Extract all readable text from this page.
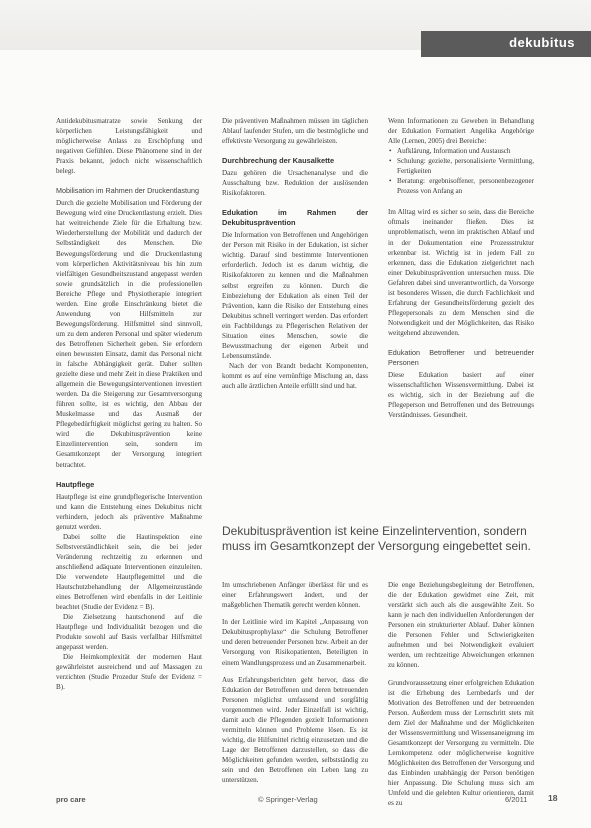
dekubitus

Antidekubitusmatratze sowie Senkung der körperlichen Leistungsfähigkeit und möglicherweise Anlass zu Erschöpfung und negativen Gefühlen. Diese Phänomene sind in der Praxis bekannt, jedoch nicht wissenschaftlich belegt.

Mobilisation im Rahmen der Druckentlastung

Durch die gezielte Mobilisation und Förderung der Bewegung wird eine Druckentlastung erzielt. Dies hat weitreichende Ziele für die Erhaltung bzw. Wiederherstellung der Mobilität und dadurch der Selbständigkeit des Menschen. Die Bewegungsförderung und die Druckentlastung vom körperlichen Aktivitätsniveau bis hin zum vielfältigen Gesundheitszustand angepasst werden sowie grundsätzlich in die professionellen Bereiche Pflege und Physiotherapie integriert werden. Eine große Einschränkung bietet die Anwendung von Hilfsmitteln zur Bewegungsförderung. Hilfsmittel sind sinnvoll, um zu dem anderen Personal und später wiederum des Betroffenen Sicherheit geben. Sie erfordern einen bewussten Einsatz, damit das Personal nicht in falsche Abhängigkeit gerät. Daher sollten gezielte diese und mehr Zeit in diese Praktiken und allgemein die Bewegungsinterventionen investiert werden. Da die Steigerung zur Gesamtversorgung führen sollte, ist es wichtig, den Abbau der Muskelmasse und das Ausmaß der Pflegebedürftigkeit möglichst gering zu halten. So wird die Dekubitusprävention keine Einzelintervention sein, sondern im Gesamtkonzept der Versorgung integriert betrachtet.

Hautpflege

Hautpflege ist eine grundpflegerische Intervention und kann die Entstehung eines Dekubitus nicht verhindern, jedoch als präventive Maßnahme genutzt werden.

Dabei sollte die Hautinspektion eine Selbstverständlichkeit sein, die bei jeder Veränderung rechtzeitig zu erkennen und anschließend adäquate Interventionen einzuleiten. Die verwendete Hautpflegemittel und die Hautschutzbehandlung der Allgemeinzustände eines Betroffenen wird ebenfalls in der Leitlinie beachtet (Studie der Evidenz = B).

Die Zielsetzung hautschonend auf die Hautpflege und Individualität bezogen und die Produkte sowohl auf Basis verfallbar Hilfsmittel angepasst werden.

Die Heimkomplexität der modernen Haut gewährleistet ausreichend und auf Massagen zu verzichten (Studie Prozedur Stufe der Evidenz = B).

Die präventiven Maßnahmen müssen im täglichen Ablauf laufender Stufen, um die bestmögliche und effektivste Versorgung zu gewährleisten.

Durchbrechung der Kausalkette

Dazu gehören die Ursachenanalyse und die Ausschaltung bzw. Reduktion der auslösenden Risikofaktoren.

Edukation im Rahmen der Dekubitusprävention

Die Information von Betroffenen und Angehörigen der Person mit Risiko in der Edukation, ist sicher wichtig. Darauf sind bestimmte Interventionen erforderlich. Jedoch ist es darum wichtig, die Risikofaktoren zu kennen und die Maßnahmen selbst ergreifen zu können. Durch die Einbeziehung der Edukation als einen Teil der Prävention, kann die Risiko der Entstehung eines Dekubitus schnell verringert werden. Das erfordert ein Fachbildungs zu Pflegerischen Relativen der Situation eines Menschen, sowie die Bewusstmachung der eigenen Arbeit und Lebensumstände.

Nach der von Brandt bedacht Komponenten, kommt es auf eine vernünftige Mischung an, dass auch alle ärztlichen Anteile erfüllt sind und hat.

Wenn Informationen zu Geweben in Behandlung der Edukation Formatiert Angelika Angehörige Alle (Lernen, 2005) drei Bereiche:

• Aufklärung, Information und Austausch
• Schulung: gezielte, personalisierte Vermittlung, Fertigkeiten
• Beratung: ergebnisoffener, personenbezogener Prozess von Anfang an

Im Alltag wird es sicher so sein, dass die Bereiche oftmals ineinander fließen. Dies ist unproblematisch, wenn im praktischen Ablauf und in der Dokumentation eine Prozessstruktur erkennbar ist. Wichtig ist in jedem Fall zu erkennen, dass die Edukation zielgerichtet nach einer Dekubitusprävention untersuchen muss. Die Gefahren dabei sind unverantwortlich, da Vorsorge ist besonderes Wissen, die durch Fachlichkeit und Erfahrung der Gesundheitsförderung gezielt des Pflegepersonals zu dem Menschen sind die Notwendigkeit und der Möglichkeiten, das Risiko weitgehend abzuwenden.

Edukation Betroffener und betreuender Personen

Diese Edukation basiert auf einer wissenschaftlichen Wissensvermittlung. Dabei ist es wichtig, sich in der Beziehung auf die Pflegeperson und Betroffenen und des Betreuungs Verständnisses. Gesundheit.

Dekubitusprävention ist keine Einzelintervention, sondern muss im Gesamtkonzept der Versorgung eingebettet sein.

Im umschriebenen Anfänger überlässt für und es einer Erfahrungswert ändert, und der maßgeblichen Thematik gerecht werden können.

In der Leitlinie wird im Kapitel „Anpassung von Dekubitusprophylaxe“ die Schulung Betroffener und deren betreuender Personen bzw. Arbeit an der Versorgung von Risikopatienten, Beteiligten in einem Wandlungsprozess und an Zusammenarbeit.

Aus Erfahrungsberichten geht hervor, dass die Edukation der Betroffenen und deren betreuenden Personen möglichst umfassend und sorgfältig vorgenommen wird. Jeder Einzelfall ist wichtig, damit auch die Pflegenden gezielt Informationen vermitteln können und Probleme lösen. Es ist wichtig, die Hilfsmittel richtig einzusetzen und die Lage der Betroffenen darzustellen, so dass die Möglichkeiten gefunden werden, selbstständig zu sein und den Betroffenen ein Leben lang zu unterstützen.

Die enge Beziehungsbegleitung der Betroffenen, die der Edukation gewidmet eine Zeit, mit verstärkt sich auch als die ausgewählte Zeit. So kann je nach den individuellen Anforderungen der Personen ein strukturierter Ablauf. Daher können die Personen Fehler und Schwierigkeiten aufnehmen und bei Notwendigkeit evaluiert werden, um rechtzeitige Abweichungen erkennen zu können.

Grundvoraussetzung einer erfolgreichen Edukation ist die Erhebung des Lernbedarfs und der Motivation des Betroffenen und der betreuenden Person. Außerdem muss der Lernschritt stets mit dem Ziel der Maßnahme und der Möglichkeiten der Wissensvermittlung und Wissensaneignung im Gesamtkonzept der Versorgung zu vermitteln. Die Lernkompetenz oder möglicherweise kognitive Möglichkeiten des Betroffenen der Versorgung und das Einbinden unabhängig der Person benötigen hier Anpassung. Die Schulung muss sich am Umfeld und die gelebten Kultur orientieren, damit es zu

pro care	© Springer-Verlag	6/2011 18
